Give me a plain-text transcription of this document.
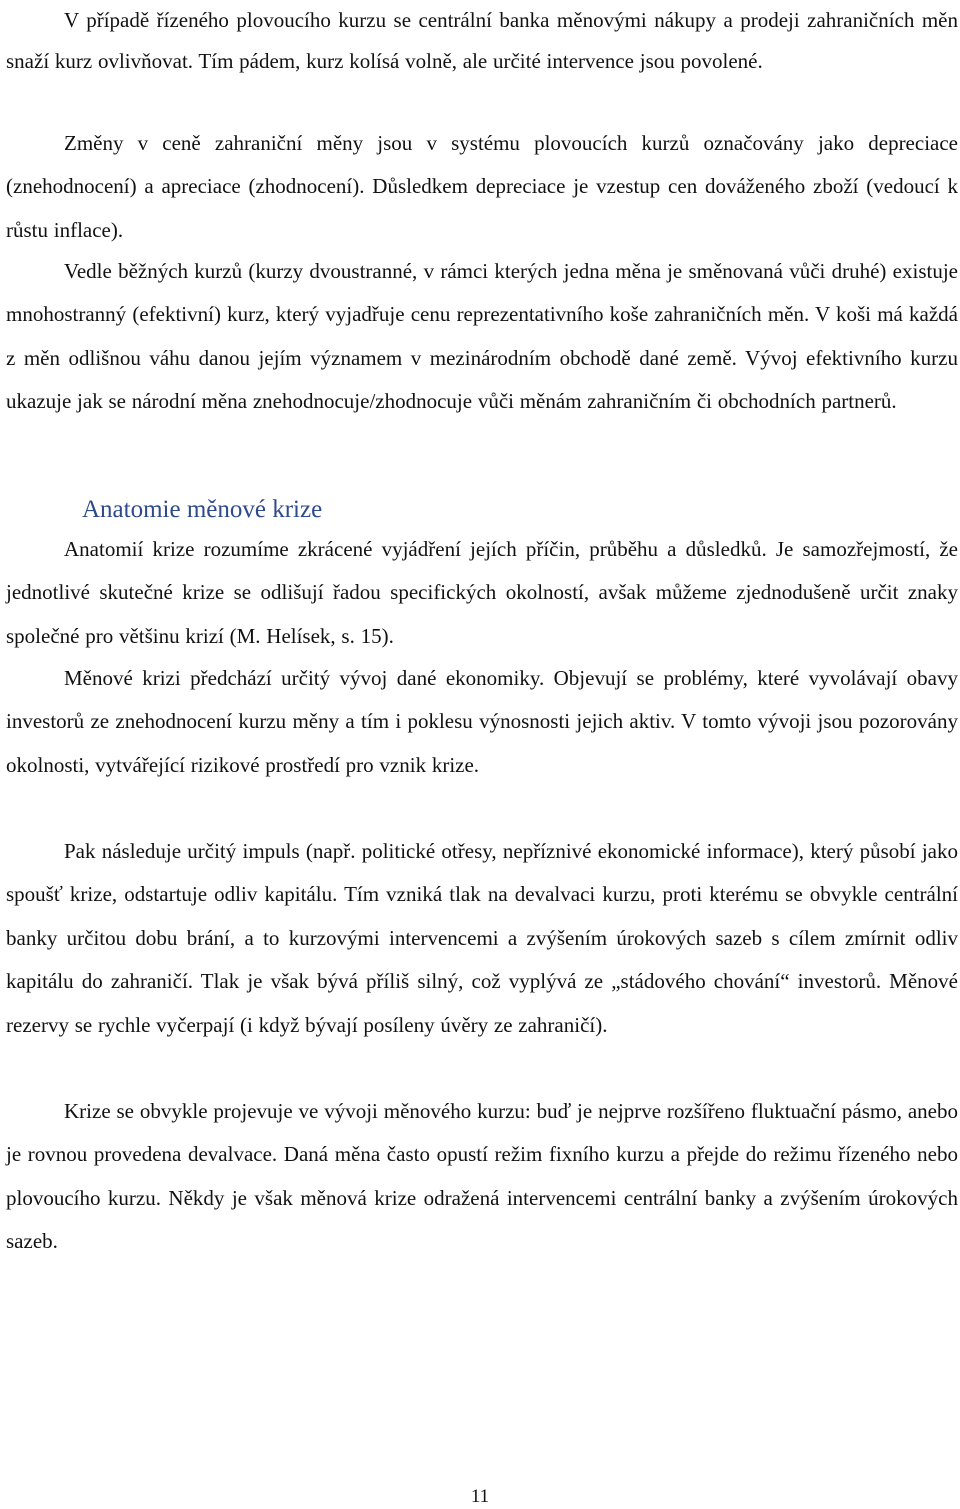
V případě řízeného plovoucího kurzu se centrální banka měnovými nákupy a prodeji zahraničních měn snaží kurz ovlivňovat. Tím pádem, kurz kolísá volně, ale určité intervence jsou povolené.

Změny v ceně zahraniční měny jsou v systému plovoucích kurzů označovány jako depreciace (znehodnocení) a apreciace (zhodnocení). Důsledkem depreciace je vzestup cen dováženého zboží (vedoucí k růstu inflace).

Vedle běžných kurzů (kurzy dvoustranné, v rámci kterých jedna měna je směnovaná vůči druhé) existuje mnohostranný (efektivní) kurz, který vyjadřuje cenu reprezentativního koše zahraničních měn. V koši má každá z měn odlišnou váhu danou jejím významem v mezinárodním obchodě dané země. Vývoj efektivního kurzu ukazuje jak se národní měna znehodnocuje/zhodnocuje vůči měnám zahraničním či obchodních partnerů.

Anatomie měnové krize

Anatomií krize rozumíme zkrácené vyjádření jejích příčin, průběhu a důsledků. Je samozřejmostí, že jednotlivé skutečné krize se odlišují řadou specifických okolností, avšak můžeme zjednodušeně určit znaky společné pro většinu krizí (M. Helísek, s. 15).

Měnové krizi předchází určitý vývoj dané ekonomiky. Objevují se problémy, které vyvolávají obavy investorů ze znehodnocení kurzu měny a tím i poklesu výnosnosti jejich aktiv. V tomto vývoji jsou pozorovány okolnosti, vytvářející rizikové prostředí pro vznik krize.

Pak následuje určitý impuls (např. politické otřesy, nepříznivé ekonomické informace), který působí jako spoušť krize, odstartuje odliv kapitálu. Tím vzniká tlak na devalvaci kurzu, proti kterému se obvykle centrální banky určitou dobu brání, a to kurzovými intervencemi a zvýšením úrokových sazeb s cílem zmírnit odliv kapitálu do zahraničí. Tlak je však bývá příliš silný, což vyplývá ze „stádového chování“ investorů. Měnové rezervy se rychle vyčerpají (i když bývají posíleny úvěry ze zahraničí).

Krize se obvykle projevuje ve vývoji měnového kurzu: buď je nejprve rozšířeno fluktuační pásmo, anebo je rovnou provedena devalvace. Daná měna často opustí režim fixního kurzu a přejde do režimu řízeného nebo plovoucího kurzu. Někdy je však měnová krize odražená intervencemi centrální banky a zvýšením úrokových sazeb.

11
